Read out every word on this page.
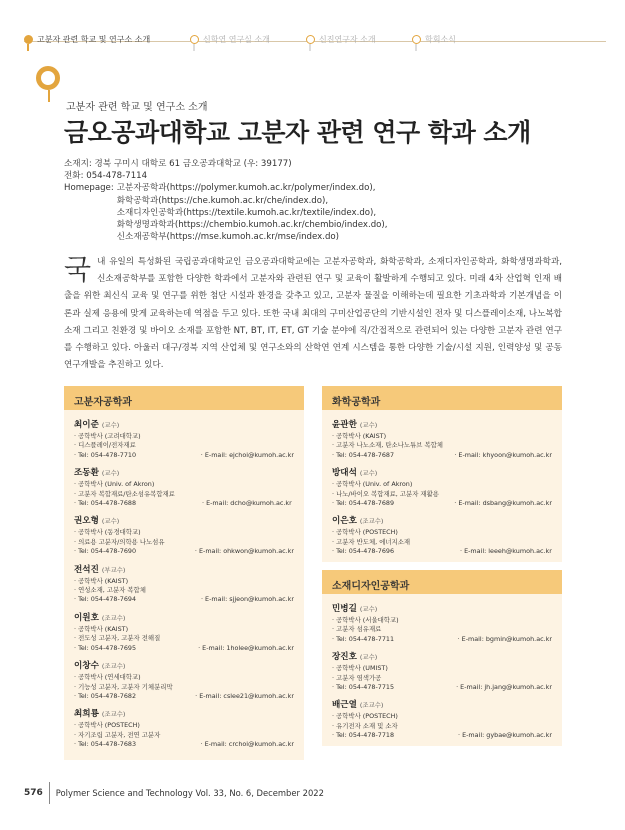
고분자 관련 학교 및 연구소 소개	신학연 연구실 소개	신진연구자 소개	학회소식
고분자 관련 학교 및 연구소 소개
금오공과대학교 고분자 관련 연구 학과 소개
소재지: 경북 구미시 대학로 61 금오공과대학교 (우: 39177)
전화: 054-478-7114
Homepage: 고분자공학과(https://polymer.kumoh.ac.kr/polymer/index.do),
화학공학과(https://che.kumoh.ac.kr/che/index.do),
소재디자인공학과(https://textile.kumoh.ac.kr/textile/index.do),
화학생명과학과(https://chembio.kumoh.ac.kr/chembio/index.do),
신소재공학부(https://mse.kumoh.ac.kr/mse/index.do)
국 내 유일의 특성화된 국립공과대학교인 금오공과대학교에는 고분자공학과, 화학공학과, 소재디자인공학과, 화학생명과학과, 신소재공학부를 포함한 다양한 학과에서 고분자와 관련된 연구 및 교육이 활발하게 수행되고 있다. 미래 4차 산업혁 인재 배출을 위한 최신식 교육 및 연구를 위한 첨단 시설과 환경을 갖추고 있고, 고분자 물질을 이해하는데 필요한 기초과학과 기본개념을 이론과 실제 응용에 맞게 교육하는데 역점을 두고 있다. 또한 국내 최대의 구미산업공단의 기반시설인 전자 및 디스플레이소재, 나노복합소재 그리고 친환경 및 바이오 소재를 포함한 NT, BT, IT, ET, GT 기술 분야에 직/간접적으로 관련되어 있는 다양한 고분자 관련 연구를 수행하고 있다. 아울러 대구/경북 지역 산업체 및 연구소와의 산학연 연계 시스템을 통한 다양한 기술/시설 지원, 인력양성 및 공동연구개발을 추진하고 있다.
고분자공학과
최이준 (교수)
· 공학박사 (고려대학교)
· 디스플레이/전자재료
· Tel: 054-478-7710	· E-mail: ejchoi@kumoh.ac.kr
조동환 (교수)
· 공학박사 (Univ. of Akron)
· 고분자 복합재료/탄소섬유복합재료
· Tel: 054-478-7688	· E-mail: dcho@kumoh.ac.kr
권오형 (교수)
· 공학박사 (동경대학교)
· 의료용 고분자/의학용 나노섬유
· Tel: 054-478-7690	· E-mail: ohkwon@kumoh.ac.kr
전석진 (부교수)
· 공학박사 (KAIST)
· 연성소재, 고분자 복합체
· Tel: 054-478-7694	· E-mail: sjjeon@kumoh.ac.kr
이원호 (조교수)
· 공학박사 (KAIST)
· 전도성 고분자, 고분자 전해질
· Tel: 054-478-7695	· E-mail: 1holee@kumoh.ac.kr
이창수 (조교수)
· 공학박사 (연세대학교)
· 기능성 고분자, 고분자 기체분리막
· Tel: 054-478-7682	· E-mail: cslee21@kumoh.ac.kr
최희룡 (조교수)
· 공학박사 (POSTECH)
· 자기조립 고분자, 전연 고분자
· Tel: 054-478-7683	· E-mail: crchoi@kumoh.ac.kr
화학공학과
윤관한 (교수)
· 공학박사 (KAIST)
· 고분자 나노소재, 탄소나노튜브 복합체
· Tel: 054-478-7687	· E-mail: khyoon@kumoh.ac.kr
방대석 (교수)
· 공학박사 (Univ. of Akron)
· 나노/바이오 복합재료, 고분자 재활용
· Tel: 054-478-7689	· E-mail: dsbang@kumoh.ac.kr
이은호 (조교수)
· 공학박사 (POSTECH)
· 고분자 반도체, 에너지소재
· Tel: 054-478-7696	· E-mail: leeeh@kumoh.ac.kr
소재디자인공학과
민병길 (교수)
· 공학박사 (서울대학교)
· 고분자 섬유재료
· Tel: 054-478-7711	· E-mail: bgmin@kumoh.ac.kr
장진호 (교수)
· 공학박사 (UMIST)
· 고분자 염색가공
· Tel: 054-478-7715	· E-mail: jh.jang@kumoh.ac.kr
배근열 (조교수)
· 공학박사 (POSTECH)
· 유기전자 소재 및 소자
· Tel: 054-478-7718	· E-mail: gybae@kumoh.ac.kr
576 Polymer Science and Technology Vol. 33, No. 6, December 2022
